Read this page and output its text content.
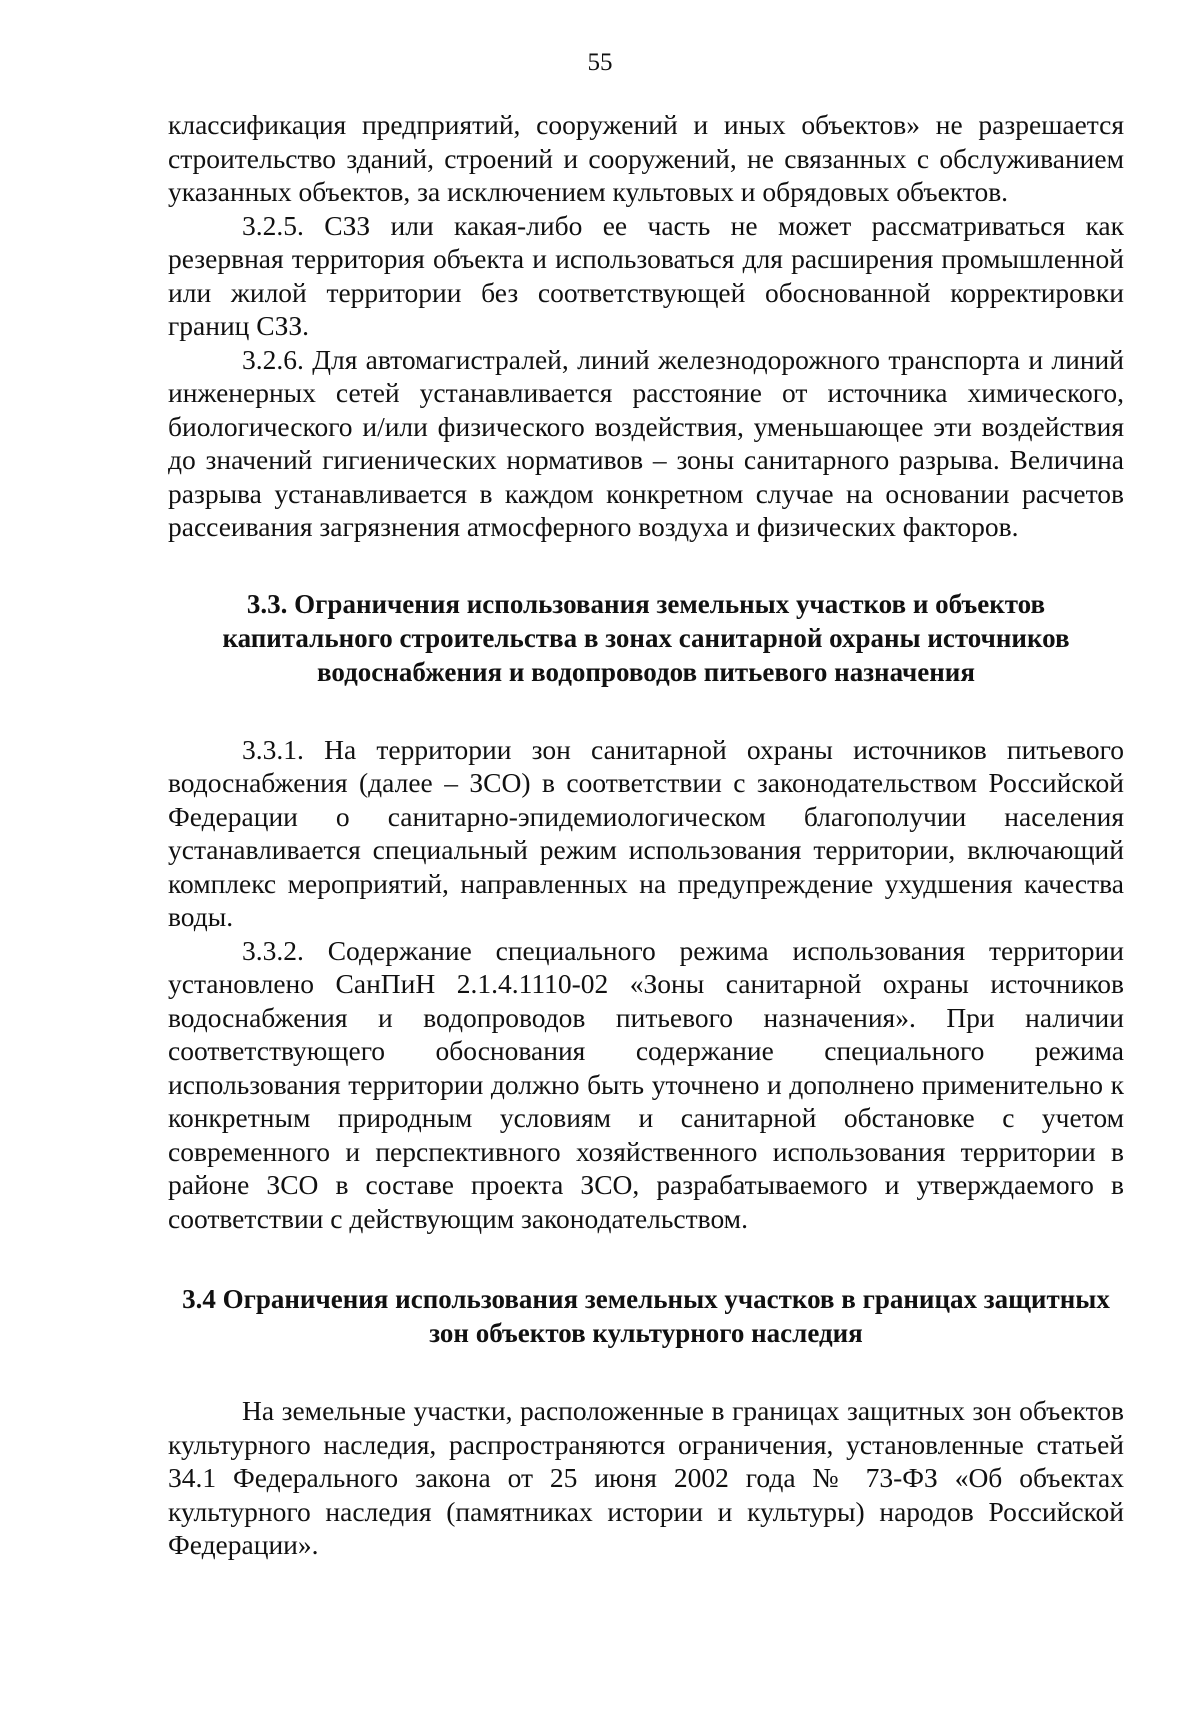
55

классификация предприятий, сооружений и иных объектов» не разрешается строительство зданий, строений и сооружений, не связанных с обслуживанием указанных объектов, за исключением культовых и обрядовых объектов.

3.2.5. СЗЗ или какая-либо ее часть не может рассматриваться как резервная территория объекта и использоваться для расширения промышленной или жилой территории без соответствующей обоснованной корректировки границ СЗЗ.

3.2.6. Для автомагистралей, линий железнодорожного транспорта и линий инженерных сетей устанавливается расстояние от источника химического, биологического и/или физического воздействия, уменьшающее эти воздействия до значений гигиенических нормативов – зоны санитарного разрыва. Величина разрыва устанавливается в каждом конкретном случае на основании расчетов рассеивания загрязнения атмосферного воздуха и физических факторов.

3.3. Ограничения использования земельных участков и объектов капитального строительства в зонах санитарной охраны источников водоснабжения и водопроводов питьевого назначения

3.3.1. На территории зон санитарной охраны источников питьевого водоснабжения (далее – ЗСО) в соответствии с законодательством Российской Федерации о санитарно-эпидемиологическом благополучии населения устанавливается специальный режим использования территории, включающий комплекс мероприятий, направленных на предупреждение ухудшения качества воды.

3.3.2. Содержание специального режима использования территории установлено СанПиН 2.1.4.1110-02 «Зоны санитарной охраны источников водоснабжения и водопроводов питьевого назначения». При наличии соответствующего обоснования содержание специального режима использования территории должно быть уточнено и дополнено применительно к конкретным природным условиям и санитарной обстановке с учетом современного и перспективного хозяйственного использования территории в районе ЗСО в составе проекта ЗСО, разрабатываемого и утверждаемого в соответствии с действующим законодательством.

3.4 Ограничения использования земельных участков в границах защитных зон объектов культурного наследия

На земельные участки, расположенные в границах защитных зон объектов культурного наследия, распространяются ограничения, установленные статьей 34.1 Федерального закона от 25 июня 2002 года № 73-ФЗ «Об объектах культурного наследия (памятниках истории и культуры) народов Российской Федерации».
